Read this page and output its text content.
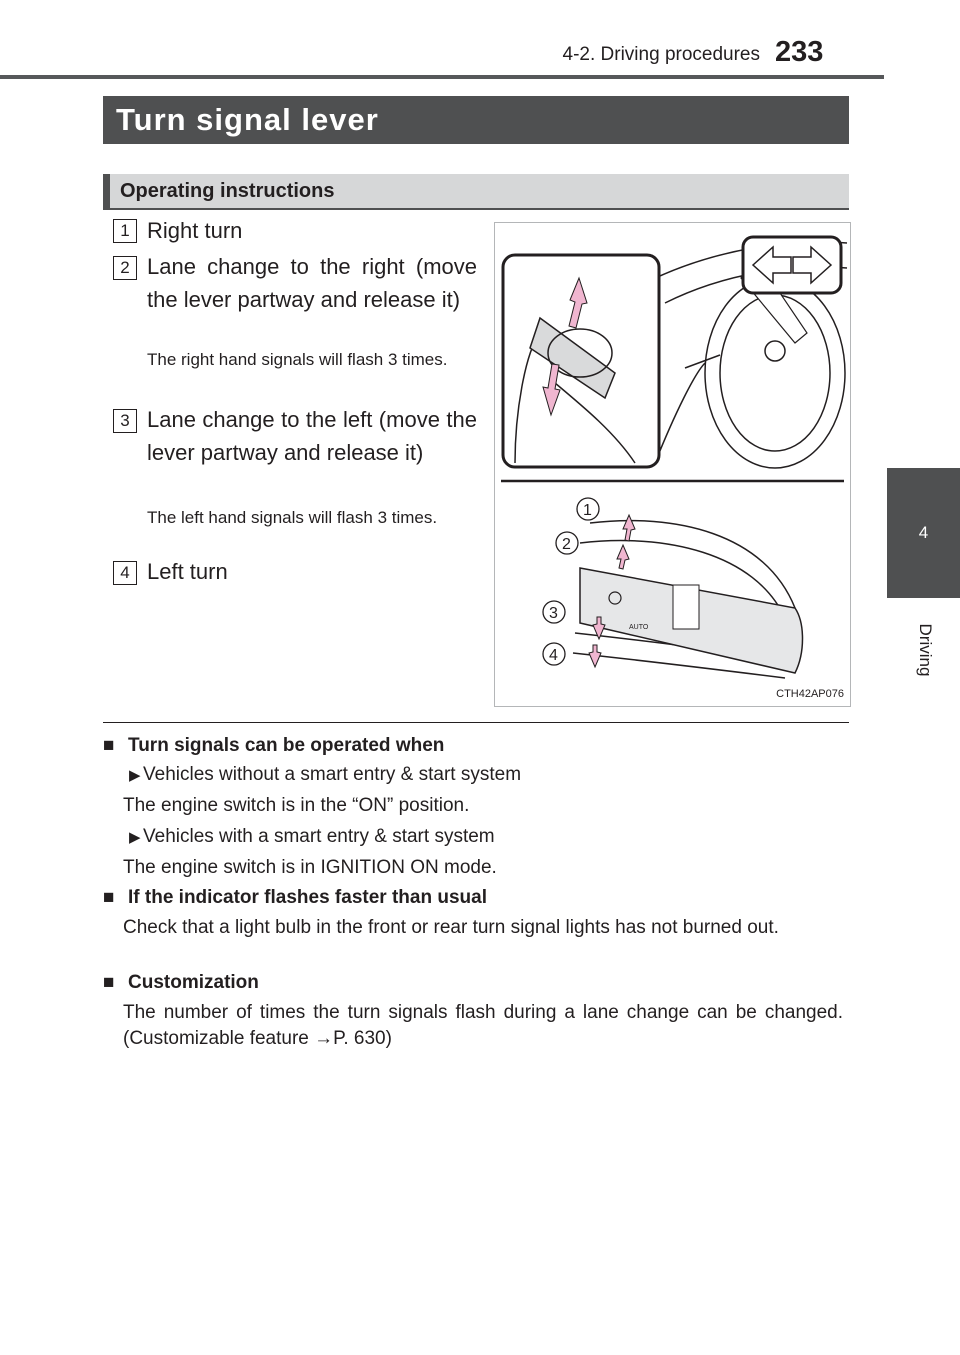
4-2. Driving procedures 233
4
Driving
Turn signal lever
Operating instructions
1 Right turn
2 Lane change to the right (move the lever partway and release it)
The right hand signals will flash 3 times.
3 Lane change to the left (move the lever partway and release it)
The left hand signals will flash 3 times.
4 Left turn
AUTO
1
2
3
4
CTH42AP076
■ Turn signals can be operated when
▶ Vehicles without a smart entry & start system
The engine switch is in the “ON” position.
▶ Vehicles with a smart entry & start system
The engine switch is in IGNITION ON mode.
■ If the indicator flashes faster than usual
Check that a light bulb in the front or rear turn signal lights has not burned out.
■ Customization
The number of times the turn signals flash during a lane change can be changed. (Customizable feature →P. 630)
